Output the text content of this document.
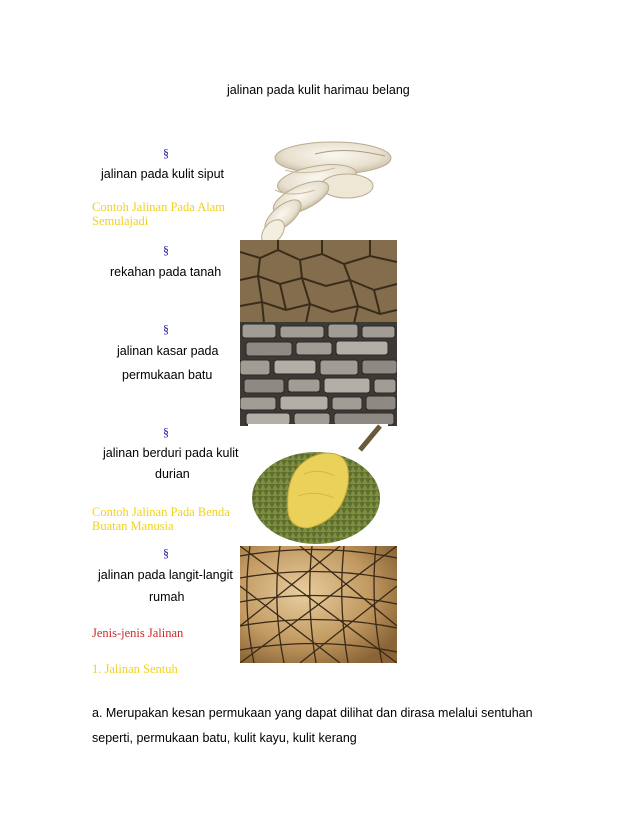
jalinan pada kulit harimau belang
§
jalinan pada kulit siput
Contoh Jalinan Pada Alam
Semulajadi
§
rekahan pada tanah
§
jalinan kasar pada
permukaan batu
§
jalinan berduri pada kulit
durian
Contoh Jalinan Pada Benda
Buatan Manusia
§
jalinan pada langit-langit
rumah
Jenis-jenis Jalinan
1. Jalinan Sentuh
a. Merupakan kesan permukaan yang dapat dilihat dan dirasa melalui sentuhan
seperti, permukaan batu, kulit kayu, kulit kerang
